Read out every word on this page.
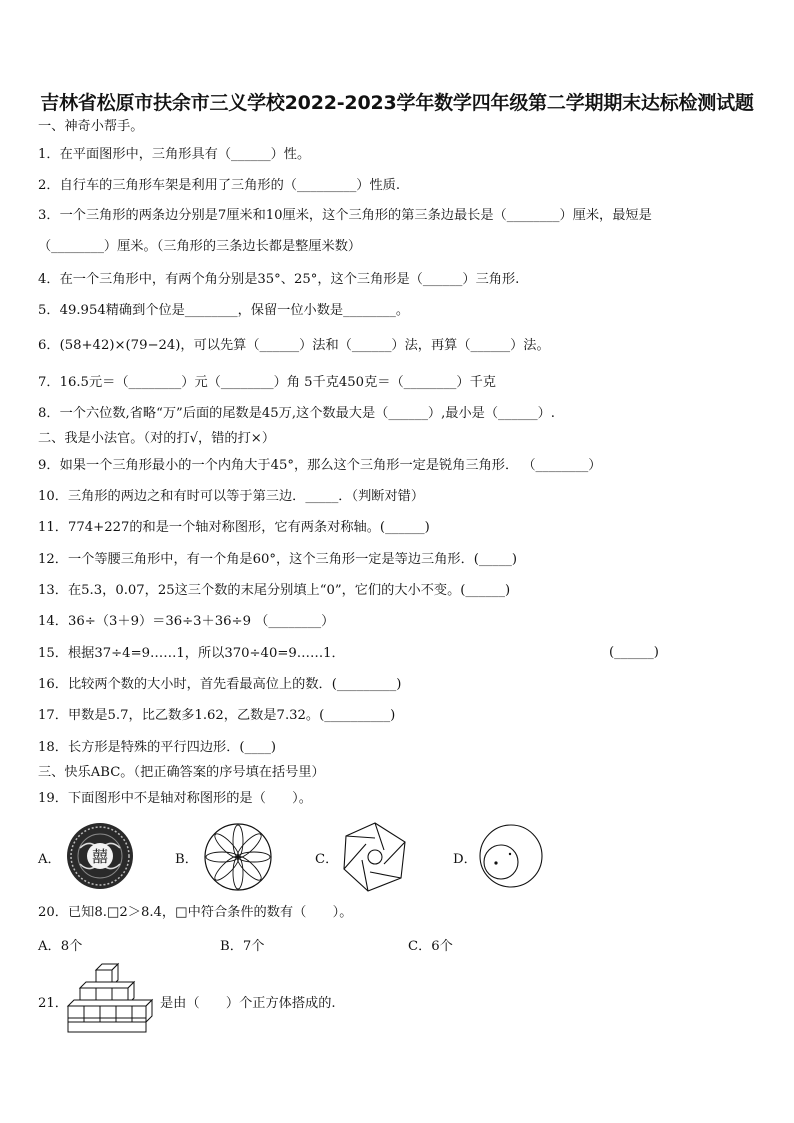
吉林省松原市扶余市三义学校2022-2023学年数学四年级第二学期期末达标检测试题
一、神奇小帮手。
1．在平面图形中，三角形具有（______）性。
2．自行车的三角形车架是利用了三角形的（_________）性质.
3．一个三角形的两条边分别是7厘米和10厘米，这个三角形的第三条边最长是（________）厘米，最短是
（________）厘米。（三角形的三条边长都是整厘米数）
4．在一个三角形中，有两个角分别是35°、25°，这个三角形是（______）三角形.
5．49.954精确到个位是________，保留一位小数是________。
6．(58+42)×(79−24)，可以先算（______）法和（______）法，再算（______）法。
7．16.5元＝（________）元（________）角 5千克450克＝（________）千克
8．一个六位数,省略“万”后面的尾数是45万,这个数最大是（______）,最小是（______）.
二、我是小法官。（对的打√，错的打×）
9．如果一个三角形最小的一个内角大于45°，那么这个三角形一定是锐角三角形． （________）
10．三角形的两边之和有时可以等于第三边．_____．（判断对错）
11．774+227的和是一个轴对称图形，它有两条对称轴。(______)
12．一个等腰三角形中，有一个角是60°，这个三角形一定是等边三角形．(_____)
13．在5.3，0.07，25这三个数的末尾分别填上“0”，它们的大小不变。(______)
14．36÷（3＋9）＝36÷3＋36÷9 （________）
15．根据37÷4=9……1，所以370÷40=9……1．	(______)
16．比较两个数的大小时，首先看最高位上的数．(_________)
17．甲数是5.7，比乙数多1.62，乙数是7.32。(__________)
18．长方形是特殊的平行四边形．(____)
三、快乐ABC。（把正确答案的序号填在括号里）
19．下面图形中不是轴对称图形的是（　　）。
A． 囍	B．	C．	D．
20．已知8.□2＞8.4，□中符合条件的数有（　　）。
A．8个	B．7个	C．6个
21．	是由（　　）个正方体搭成的.
